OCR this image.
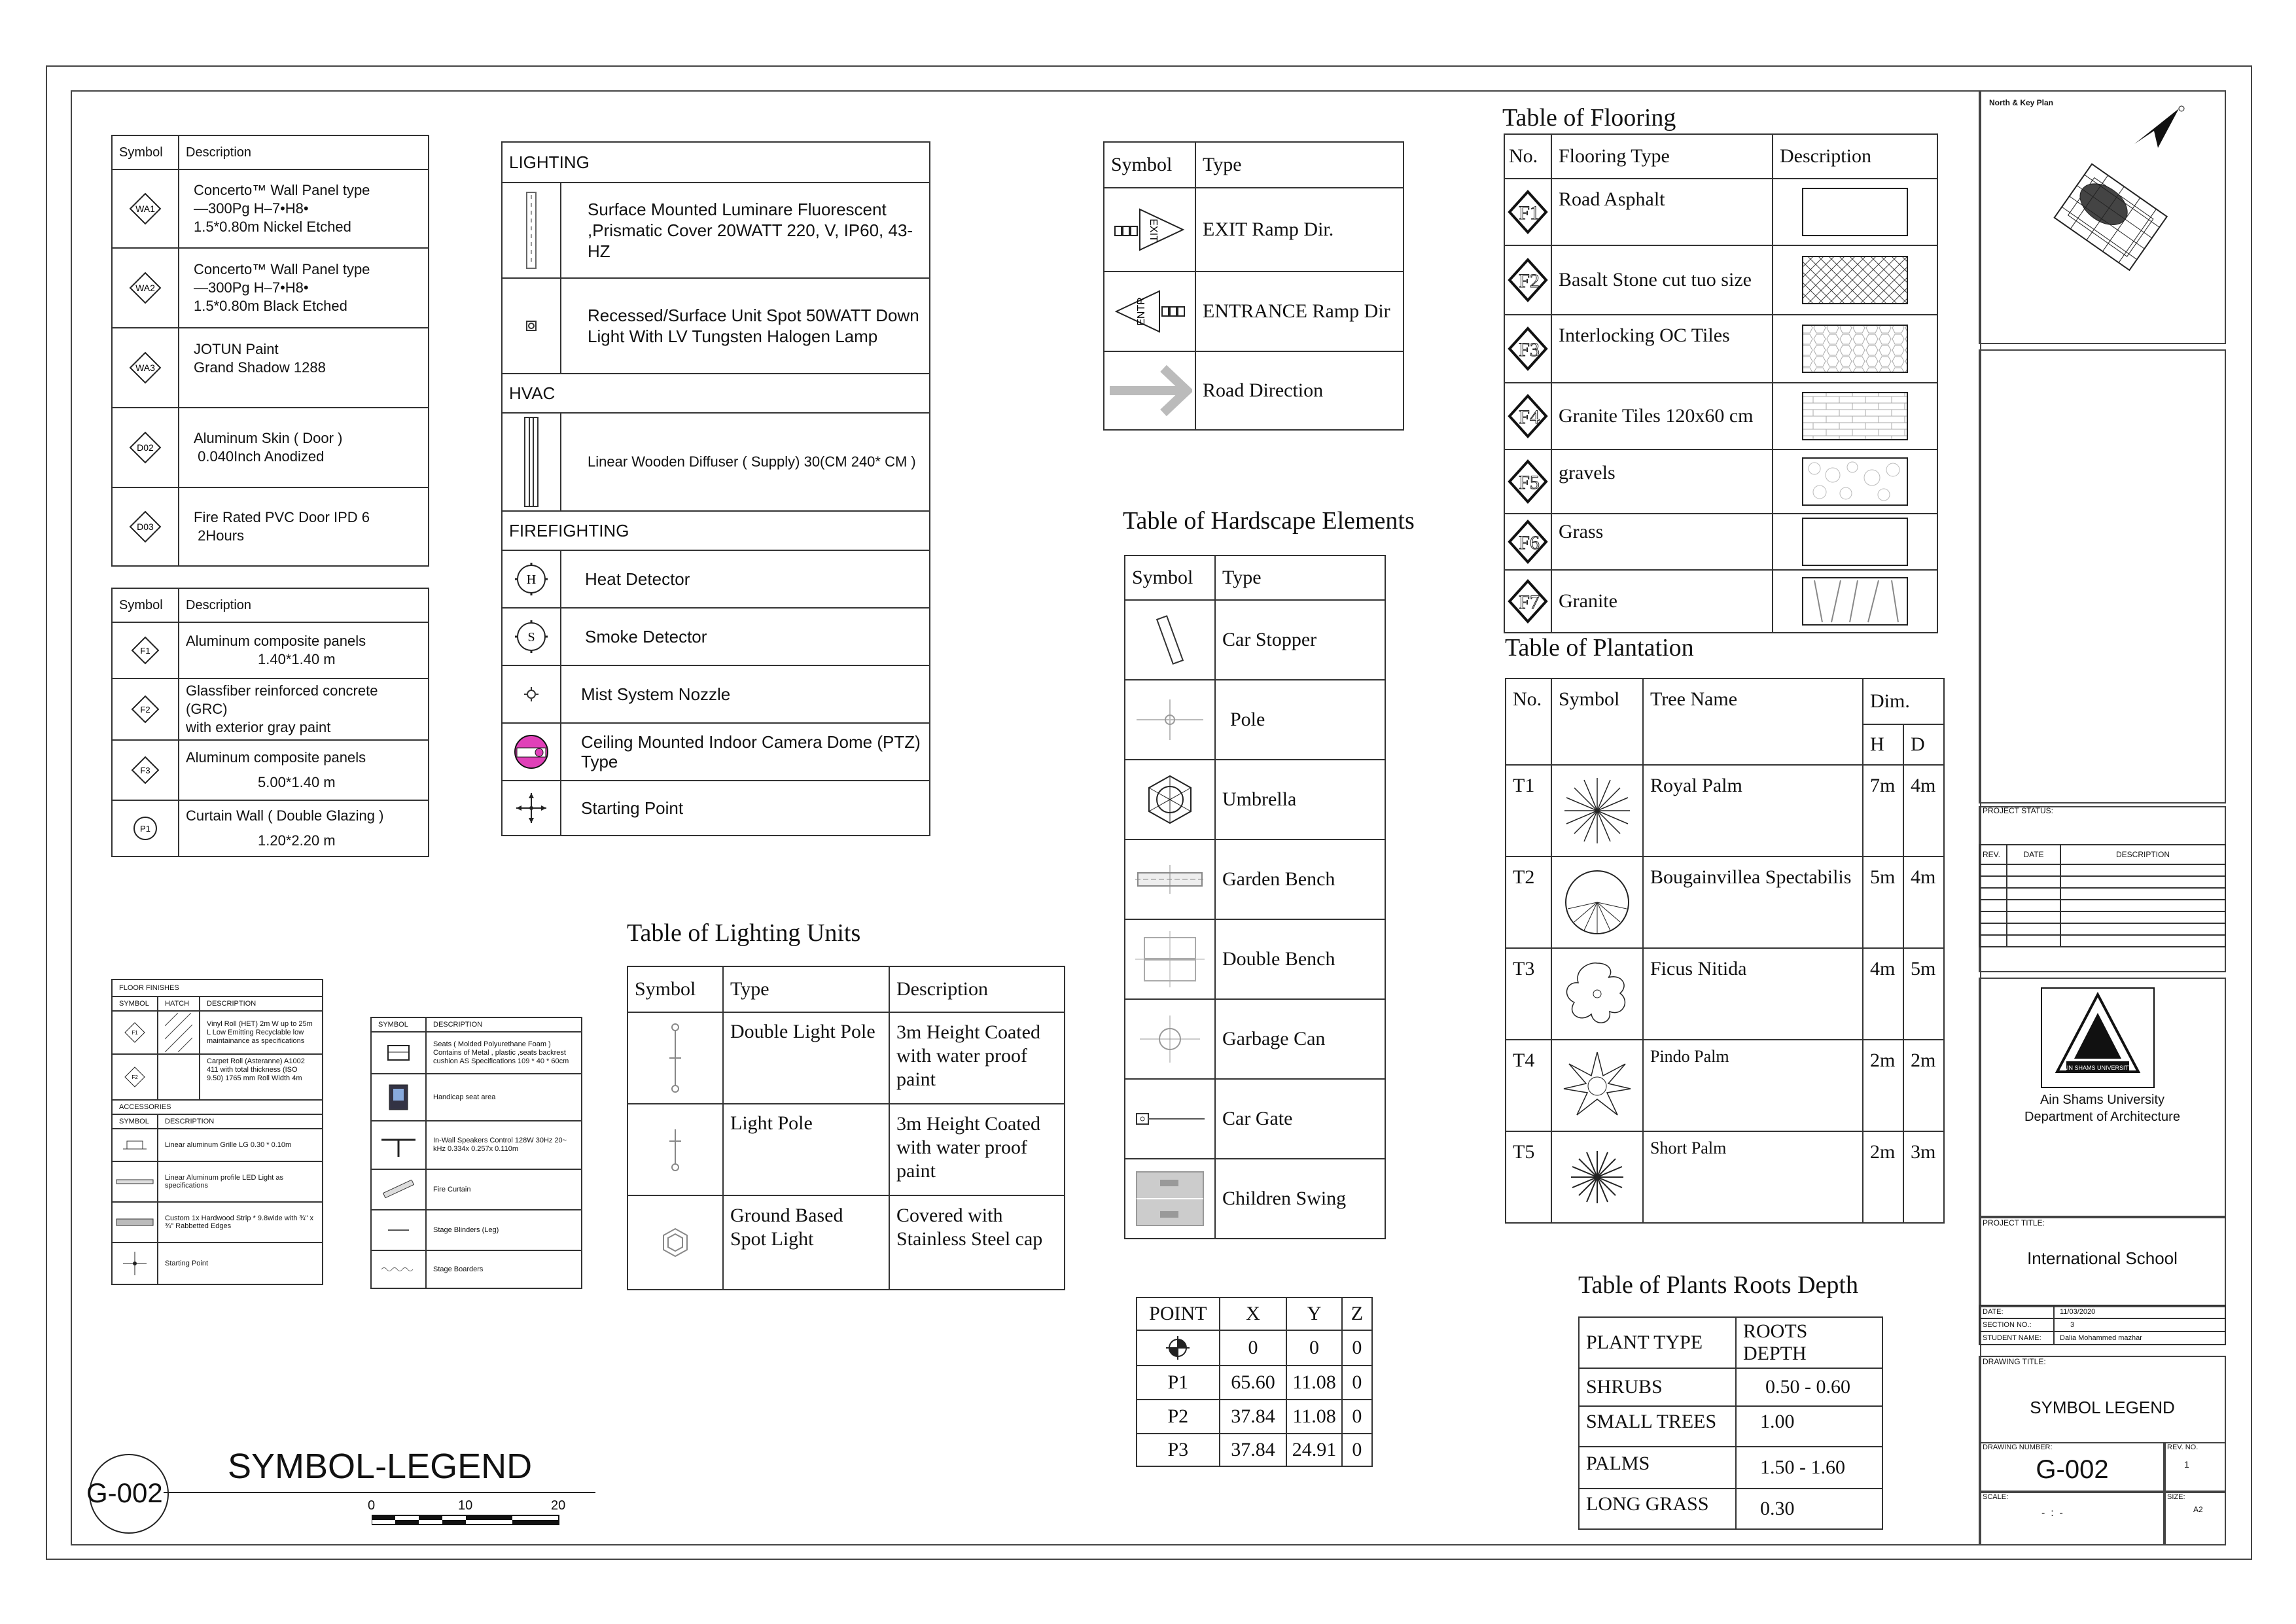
Symbol	Description

WA1	Concerto™ Wall Panel type
—300Pg H–7•H8•
1.5*0.80m Nickel Etched

WA2	Concerto™ Wall Panel type
—300Pg H–7•H8•
1.5*0.80m Black Etched

WA3	JOTUN Paint
Grand Shadow 1288

D02	Aluminum Skin ( Door )
0.040Inch Anodized

D03	Fire Rated PVC Door IPD 6
2Hours
Symbol	Description

F1	Aluminum composite panels
1.40*1.40 m

F2	Glassfiber reinforced concrete (GRC)
with exterior gray paint

F3	Aluminum composite panels
5.00*1.40 m

P1	Curtain Wall ( Double Glazing )
1.20*2.20 m
LIGHTING	

	Surface Mounted Luminare Fluorescent ,Prismatic Cover 20WATT 220, V, IP60, 43-HZ

	Recessed/Surface Unit Spot 50WATT Down Light With LV Tungsten Halogen Lamp
HVAC	

	Linear Wooden Diffuser ( Supply) 30(CM 240* CM )
FIREFIGHTING	

H	Heat Detector

S	Smoke Detector

	Mist System Nozzle

	Ceiling Mounted Indoor Camera Dome (PTZ) Type

	Starting Point
Symbol	Type

EXIT	EXIT Ramp Dir.

ENTR	ENTRANCE Ramp Dir

	Road Direction
Table of Hardscape Elements
Symbol	Type

	Car Stopper

	Pole

	Umbrella

	Garden Bench

	Double Bench

	Garbage Can

	Car Gate

	Children Swing
Table of Lighting Units
Symbol	Type	Description

	Double Light Pole	3m Height Coated with water proof paint

	Light Pole	3m Height Coated with water proof paint

	Ground Based Spot Light	Covered with Stainless Steel cap
POINT	X	Y	Z

	0	0	0
P1	65.60	11.08	0
P2	37.84	11.08	0
P3	37.84	24.91	0
Table of Flooring
No.	Flooring Type	Description

F1	Road Asphalt	

F2	Basalt Stone cut tuo size	

F3	Interlocking OC Tiles	

F4	Granite Tiles 120x60 cm	

F5	gravels	

F6	Grass	

F7	Granite	
Table of Plantation
No.	Symbol	Tree Name	Dim.	
			H	D
T1		Royal Palm	7m	4m
T2		Bougainvillea Spectabilis	5m	4m
T3		Ficus Nitida	4m	5m
T4		Pindo Palm	2m	2m
T5		Short Palm	2m	3m
Table of Plants Roots Depth
PLANT TYPE	ROOTS DEPTH
SHRUBS	0.50 - 0.60
SMALL TREES	1.00
PALMS	1.50 - 1.60
LONG GRASS	0.30
FLOOR FINISHES		
SYMBOL	HATCH	DESCRIPTION

F1		Vinyl Roll (HET) 2m W up to 25m L Low Emitting Recyclable low maintainance as specifications

F2		Carpet Roll (Asteranne) A1002 411 with total thickness (ISO 9.50) 1765 mm Roll Width 4m
ACCESSORIES		
SYMBOL	DESCRIPTION	

	Linear aluminum Grille LG 0.30 * 0.10m	

	Linear Aluminum profile LED Light as specifications	

	Custom 1x Hardwood Strip * 9.8wide with ¾" x ¾" Rabbetted Edges	

	Starting Point	
SYMBOL	DESCRIPTION

	Seats ( Molded Polyurethane Foam ) Contains of Metal , plastic ,seats backrest cushion AS Specifications 109 * 40 * 60cm

	Handicap seat area

	In-Wall Speakers Control 128W 30Hz 20~ kHz 0.334x 0.257x 0.110m

	Fire Curtain

	Stage Blinders (Leg)

	Stage Boarders
G-002
SYMBOL-LEGEND
0	10	20
North & Key Plan
PROJECT STATUS:
REV.	DATE	DESCRIPTION

AIN SHAMS UNIVERSITY
Ain Shams University
Department of Architecture
PROJECT TITLE:
International School
DATE:	11/03/2020
SECTION NO.:	3
STUDENT NAME:	Dalia Mohammed mazhar
DRAWING TITLE:
SYMBOL LEGEND
DRAWING NUMBER:
G-002
REV. NO.
1
SCALE:
-  :  -
SIZE:
A2
